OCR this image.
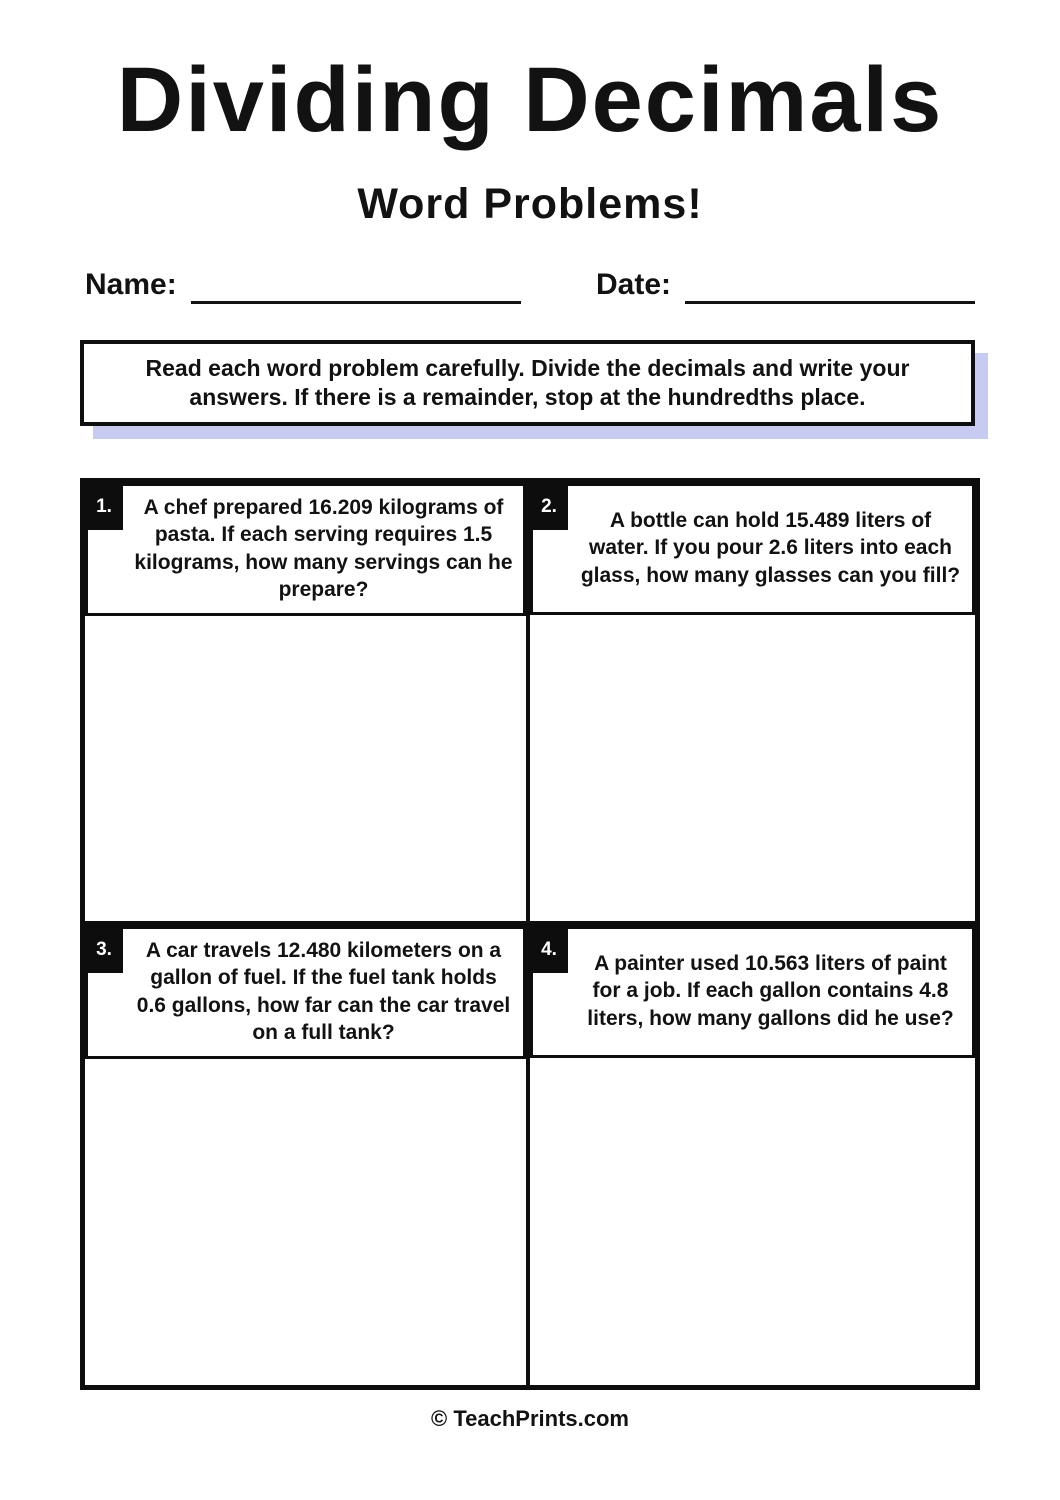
Dividing Decimals
Word Problems!
Name:	Date:
Read each word problem carefully. Divide the decimals and write your answers. If there is a remainder, stop at the hundredths place.
1.	A chef prepared 16.209 kilograms of pasta. If each serving requires 1.5 kilograms, how many servings can he prepare?
2.
A bottle can hold 15.489 liters of water. If you pour 2.6 liters into each glass, how many glasses can you fill?
3.	A car travels 12.480 kilometers on a gallon of fuel. If the fuel tank holds 0.6 gallons, how far can the car travel on a full tank?
4.
A painter used 10.563 liters of paint for a job. If each gallon contains 4.8 liters, how many gallons did he use?
© TeachPrints.com
